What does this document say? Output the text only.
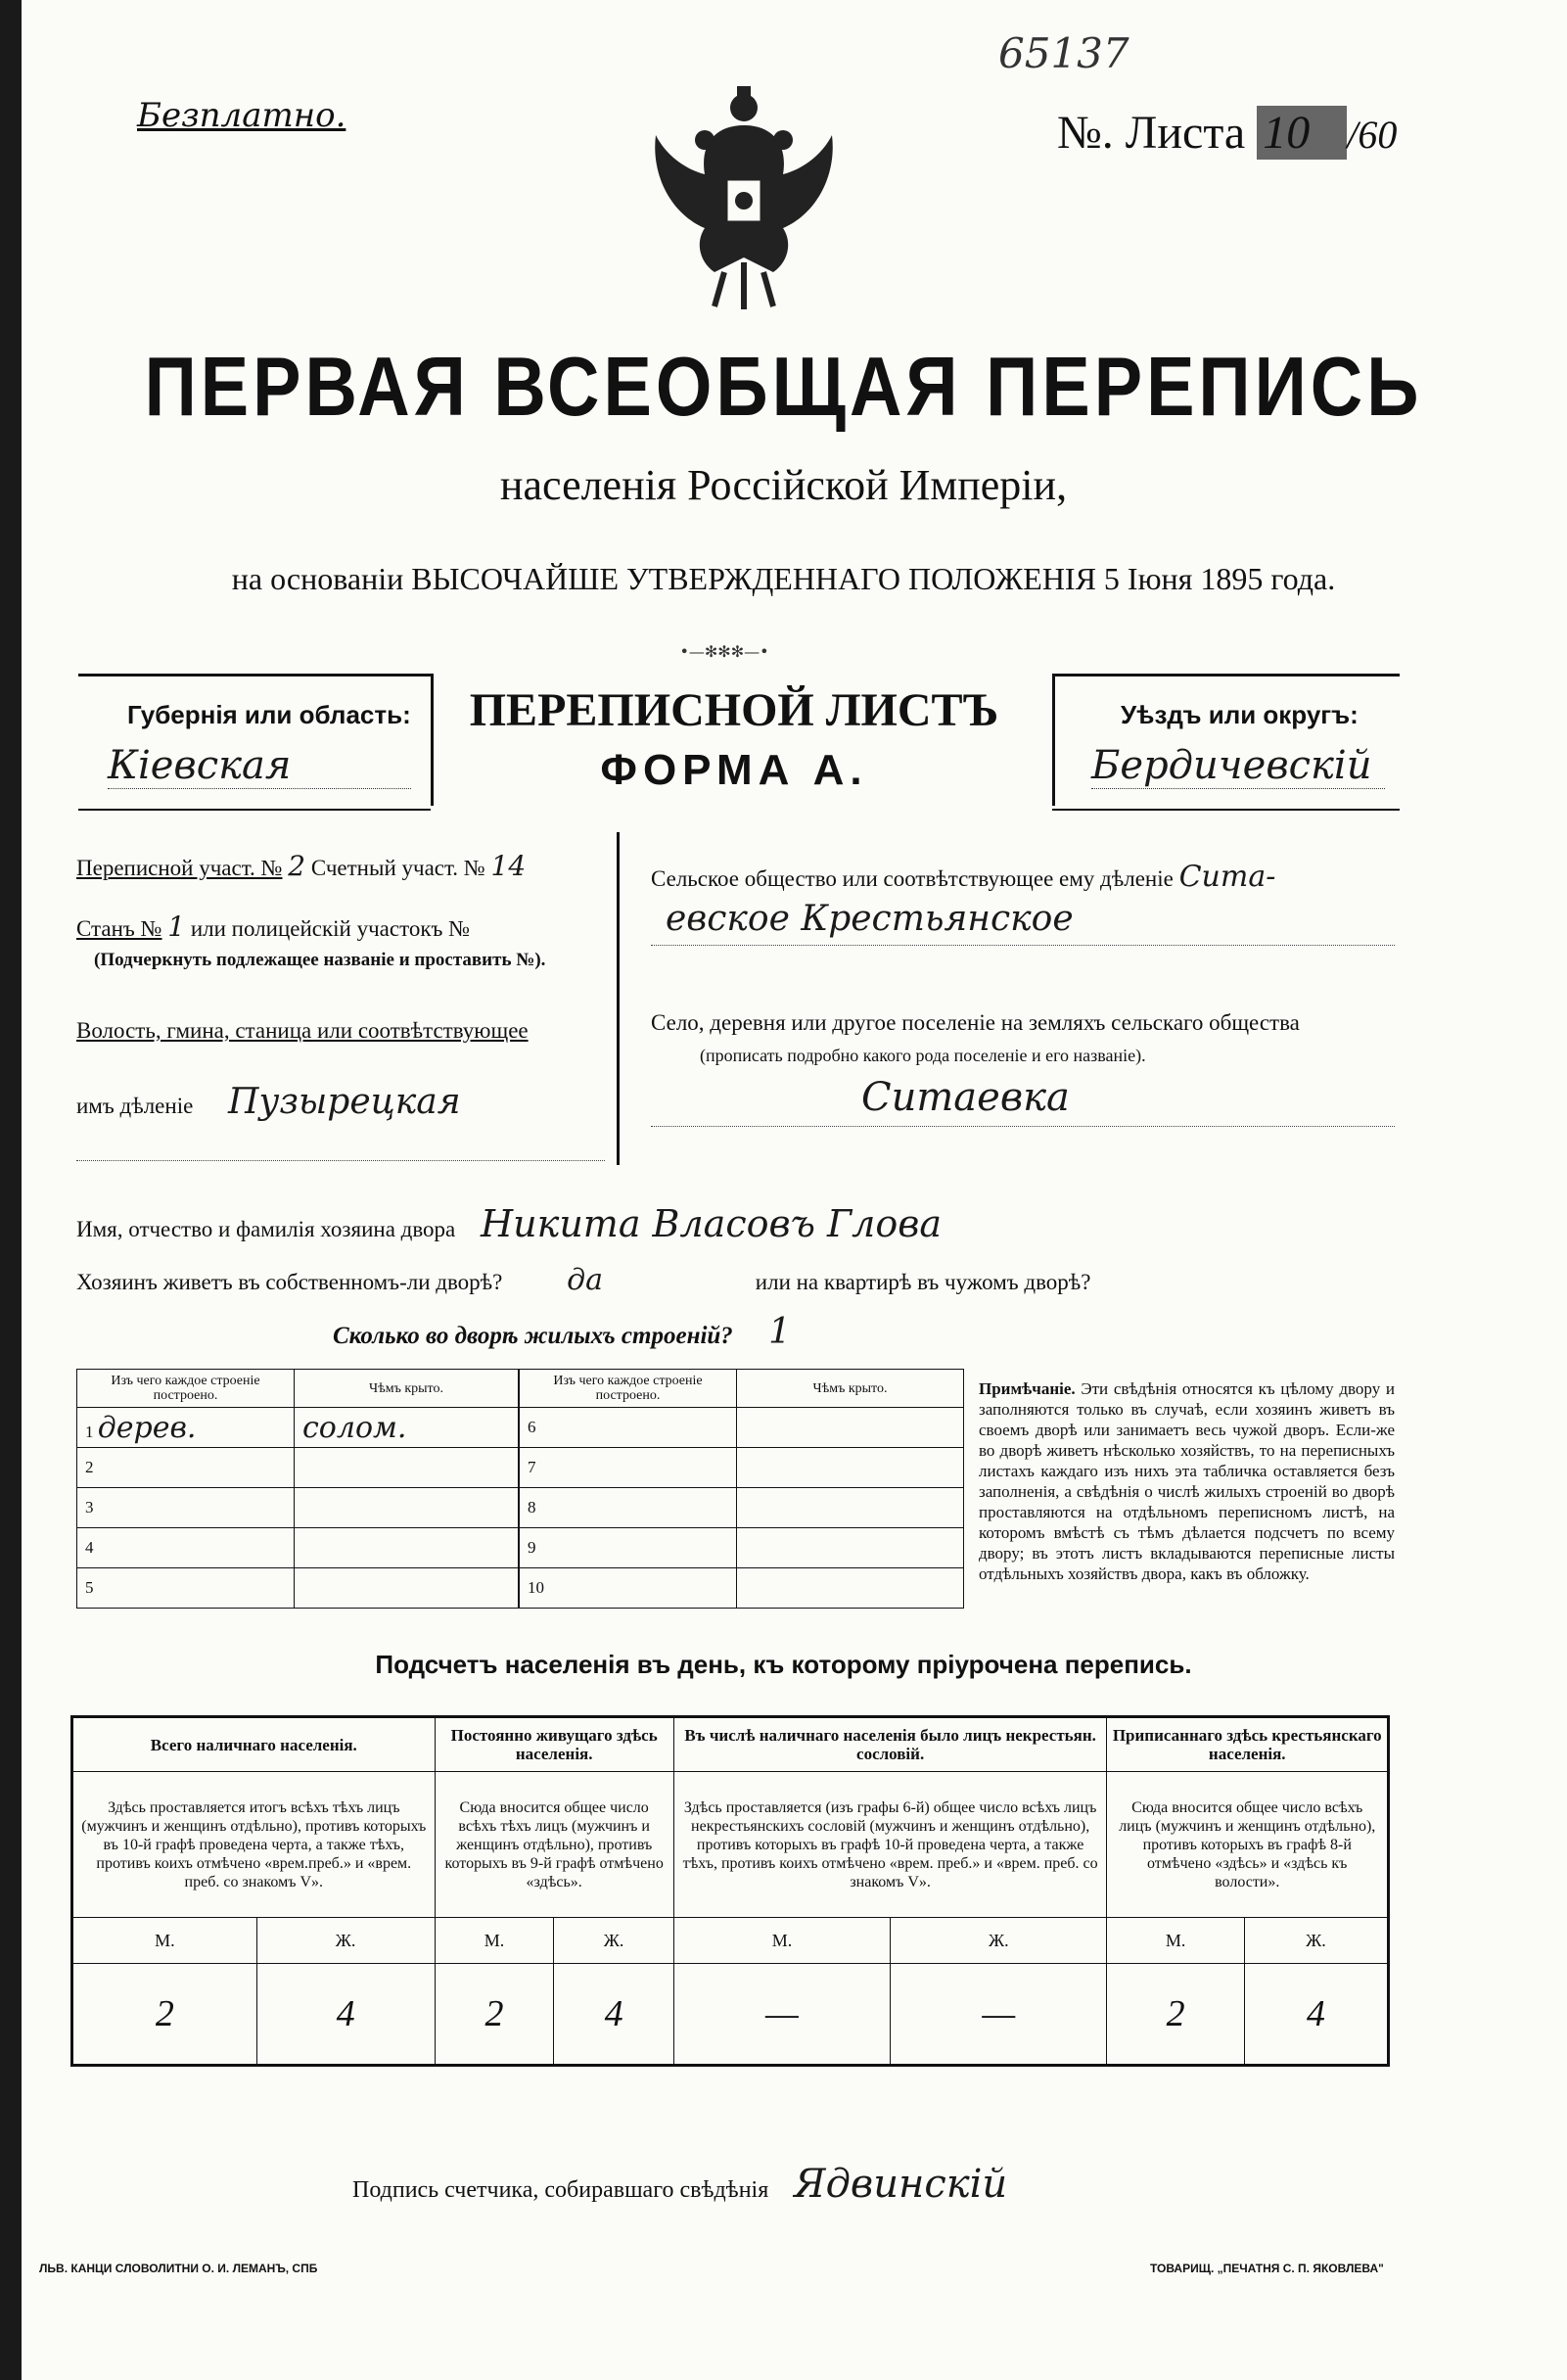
65137
Безплатно.	№. Листа 10 /60
ПЕРВАЯ ВСЕОБЩАЯ ПЕРЕПИСЬ
населенія Россійской Имперіи,
на основаніи ВЫСОЧАЙШЕ УТВЕРЖДЕННАГО ПОЛОЖЕНІЯ 5 Іюня 1895 года.
•—✻✻✻—•
Губернія или область:
Кіевская
ПЕРЕПИСНОЙ ЛИСТЪ
ФОРМА А.
Уѣздъ или округъ:
Бердичевскій
Переписной участ. № 2 Счетный участ. № 14
Станъ № 1 или полицейскій участокъ №
(Подчеркнуть подлежащее названіе и проставить №).
Волость, гмина, станица или соотвѣтствующее
имъ дѣленіе Пузырецкая
Сельское общество или соотвѣтствующее ему дѣленіе Сита-
евское Крестьянское
Село, деревня или другое поселеніе на земляхъ сельскаго общества
(прописать подробно какого рода поселеніе и его названіе).
Ситаевка
Имя, отчество и фамилія хозяина двора Никита Власовъ Глова
Хозяинъ живетъ въ собственномъ-ли дворѣ? да	или на квартирѣ въ чужомъ дворѣ?
Сколько во дворѣ жилыхъ строеній? 1
Изъ чего каждое строеніе построено.	Чѣмъ крыто.
1 дерев.	солом.
2	
3	
4	
5	
Изъ чего каждое строеніе построено.	Чѣмъ крыто.
6	
7	
8	
9	
10	
Примѣчаніе. Эти свѣдѣнія относятся къ цѣлому двору и заполняются только въ случаѣ, если хозяинъ живетъ въ своемъ дворѣ или занимаетъ весь чужой дворъ. Если-же во дворѣ живетъ нѣсколько хозяйствъ, то на переписныхъ листахъ каждаго изъ нихъ эта табличка оставляется безъ заполненія, а свѣдѣнія о числѣ жилыхъ строеній во дворѣ проставляются на отдѣльномъ переписномъ листѣ, на которомъ вмѣстѣ съ тѣмъ дѣлается подсчетъ по всему двору; въ этотъ листъ вкладываются переписные листы отдѣльныхъ хозяйствъ двора, какъ въ обложку.
Подсчетъ населенія въ день, къ которому пріурочена перепись.
Всего наличнаго населенія.		Постоянно живущаго здѣсь населенія.		Въ числѣ наличнаго населенія было лицъ некрестьян. сословій.		Приписаннаго здѣсь крестьянскаго населенія.	
Здѣсь проставляется итогъ всѣхъ тѣхъ лицъ (мужчинъ и женщинъ отдѣльно), противъ которыхъ въ 10-й графѣ проведена черта, а также тѣхъ, противъ коихъ отмѣчено «врем.преб.» и «врем. преб. со знакомъ V».		Сюда вносится общее число всѣхъ тѣхъ лицъ (мужчинъ и женщинъ отдѣльно), противъ которыхъ въ 9-й графѣ отмѣчено «здѣсь».		Здѣсь проставляется (изъ графы 6-й) общее число всѣхъ лицъ некрестьянскихъ сословій (мужчинъ и женщинъ отдѣльно), противъ которыхъ въ графѣ 10-й проведена черта, а также тѣхъ, противъ коихъ отмѣчено «врем. преб.» и «врем. преб. со знакомъ V».		Сюда вносится общее число всѣхъ лицъ (мужчинъ и женщинъ отдѣльно), противъ которыхъ въ графѣ 8-й отмѣчено «здѣсь» и «здѣсь къ волости».	
М.	Ж.	М.	Ж.	М.	Ж.	М.	Ж.
2	4	2	4	—	—	2	4
Подпись счетчика, собиравшаго свѣдѣнія Ядвинскій
ЛЬВ. КАНЦИ СЛОВОЛИТНИ О. И. ЛЕМАНЪ, СПБ	ТОВАРИЩ. „ПЕЧАТНЯ С. П. ЯКОВЛЕВА"
